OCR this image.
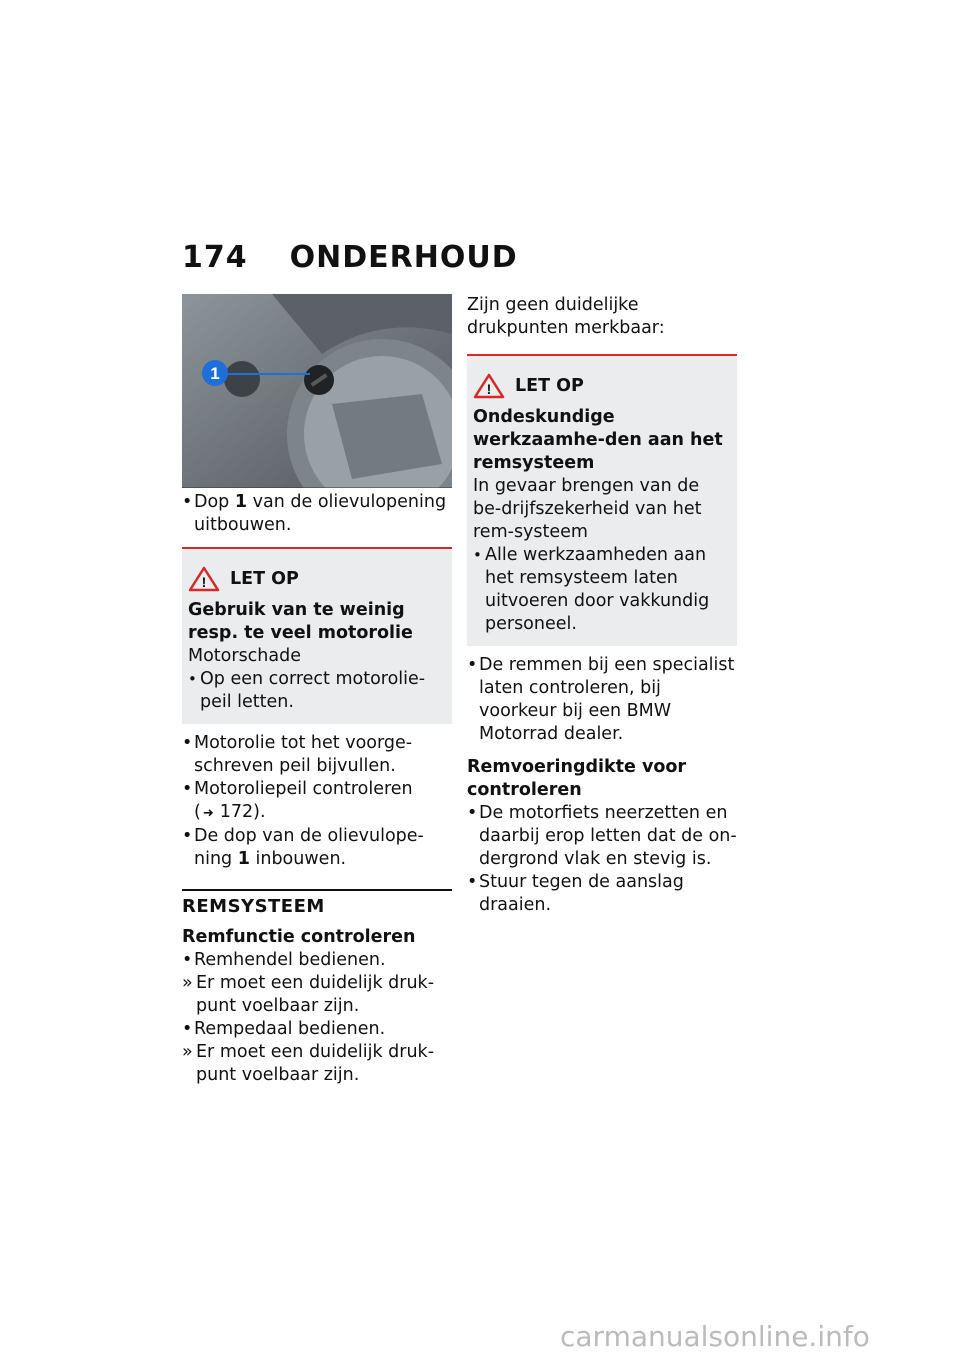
174 ONDERHOUD
1
• Dop 1 van de olievulopening uitbouwen.
! LET OP
Gebruik van te weinig resp. te veel motorolie
Motorschade
• Op een correct motorolie-peil letten.
• Motorolie tot het voorge-schreven peil bijvullen.
• Motoroliepeil controleren
( ➜ 172).
• De dop van de olievulope-ning 1 inbouwen.
REMSYSTEEM
Remfunctie controleren
• Remhendel bedienen.
» Er moet een duidelijk druk-punt voelbaar zijn.
• Rempedaal bedienen.
» Er moet een duidelijk druk-punt voelbaar zijn.
Zijn geen duidelijke drukpunten merkbaar:
! LET OP
Ondeskundige werkzaamhe-den aan het remsysteem
In gevaar brengen van de be-drijfszekerheid van het rem-systeem
• Alle werkzaamheden aan het remsysteem laten uitvoeren door vakkundig personeel.
• De remmen bij een specialist laten controleren, bij voorkeur bij een BMW Motorrad dealer.
Remvoeringdikte voor controleren
• De motorfiets neerzetten en daarbij erop letten dat de on-dergrond vlak en stevig is.
• Stuur tegen de aanslag draaien.
carmanualsonline.info
